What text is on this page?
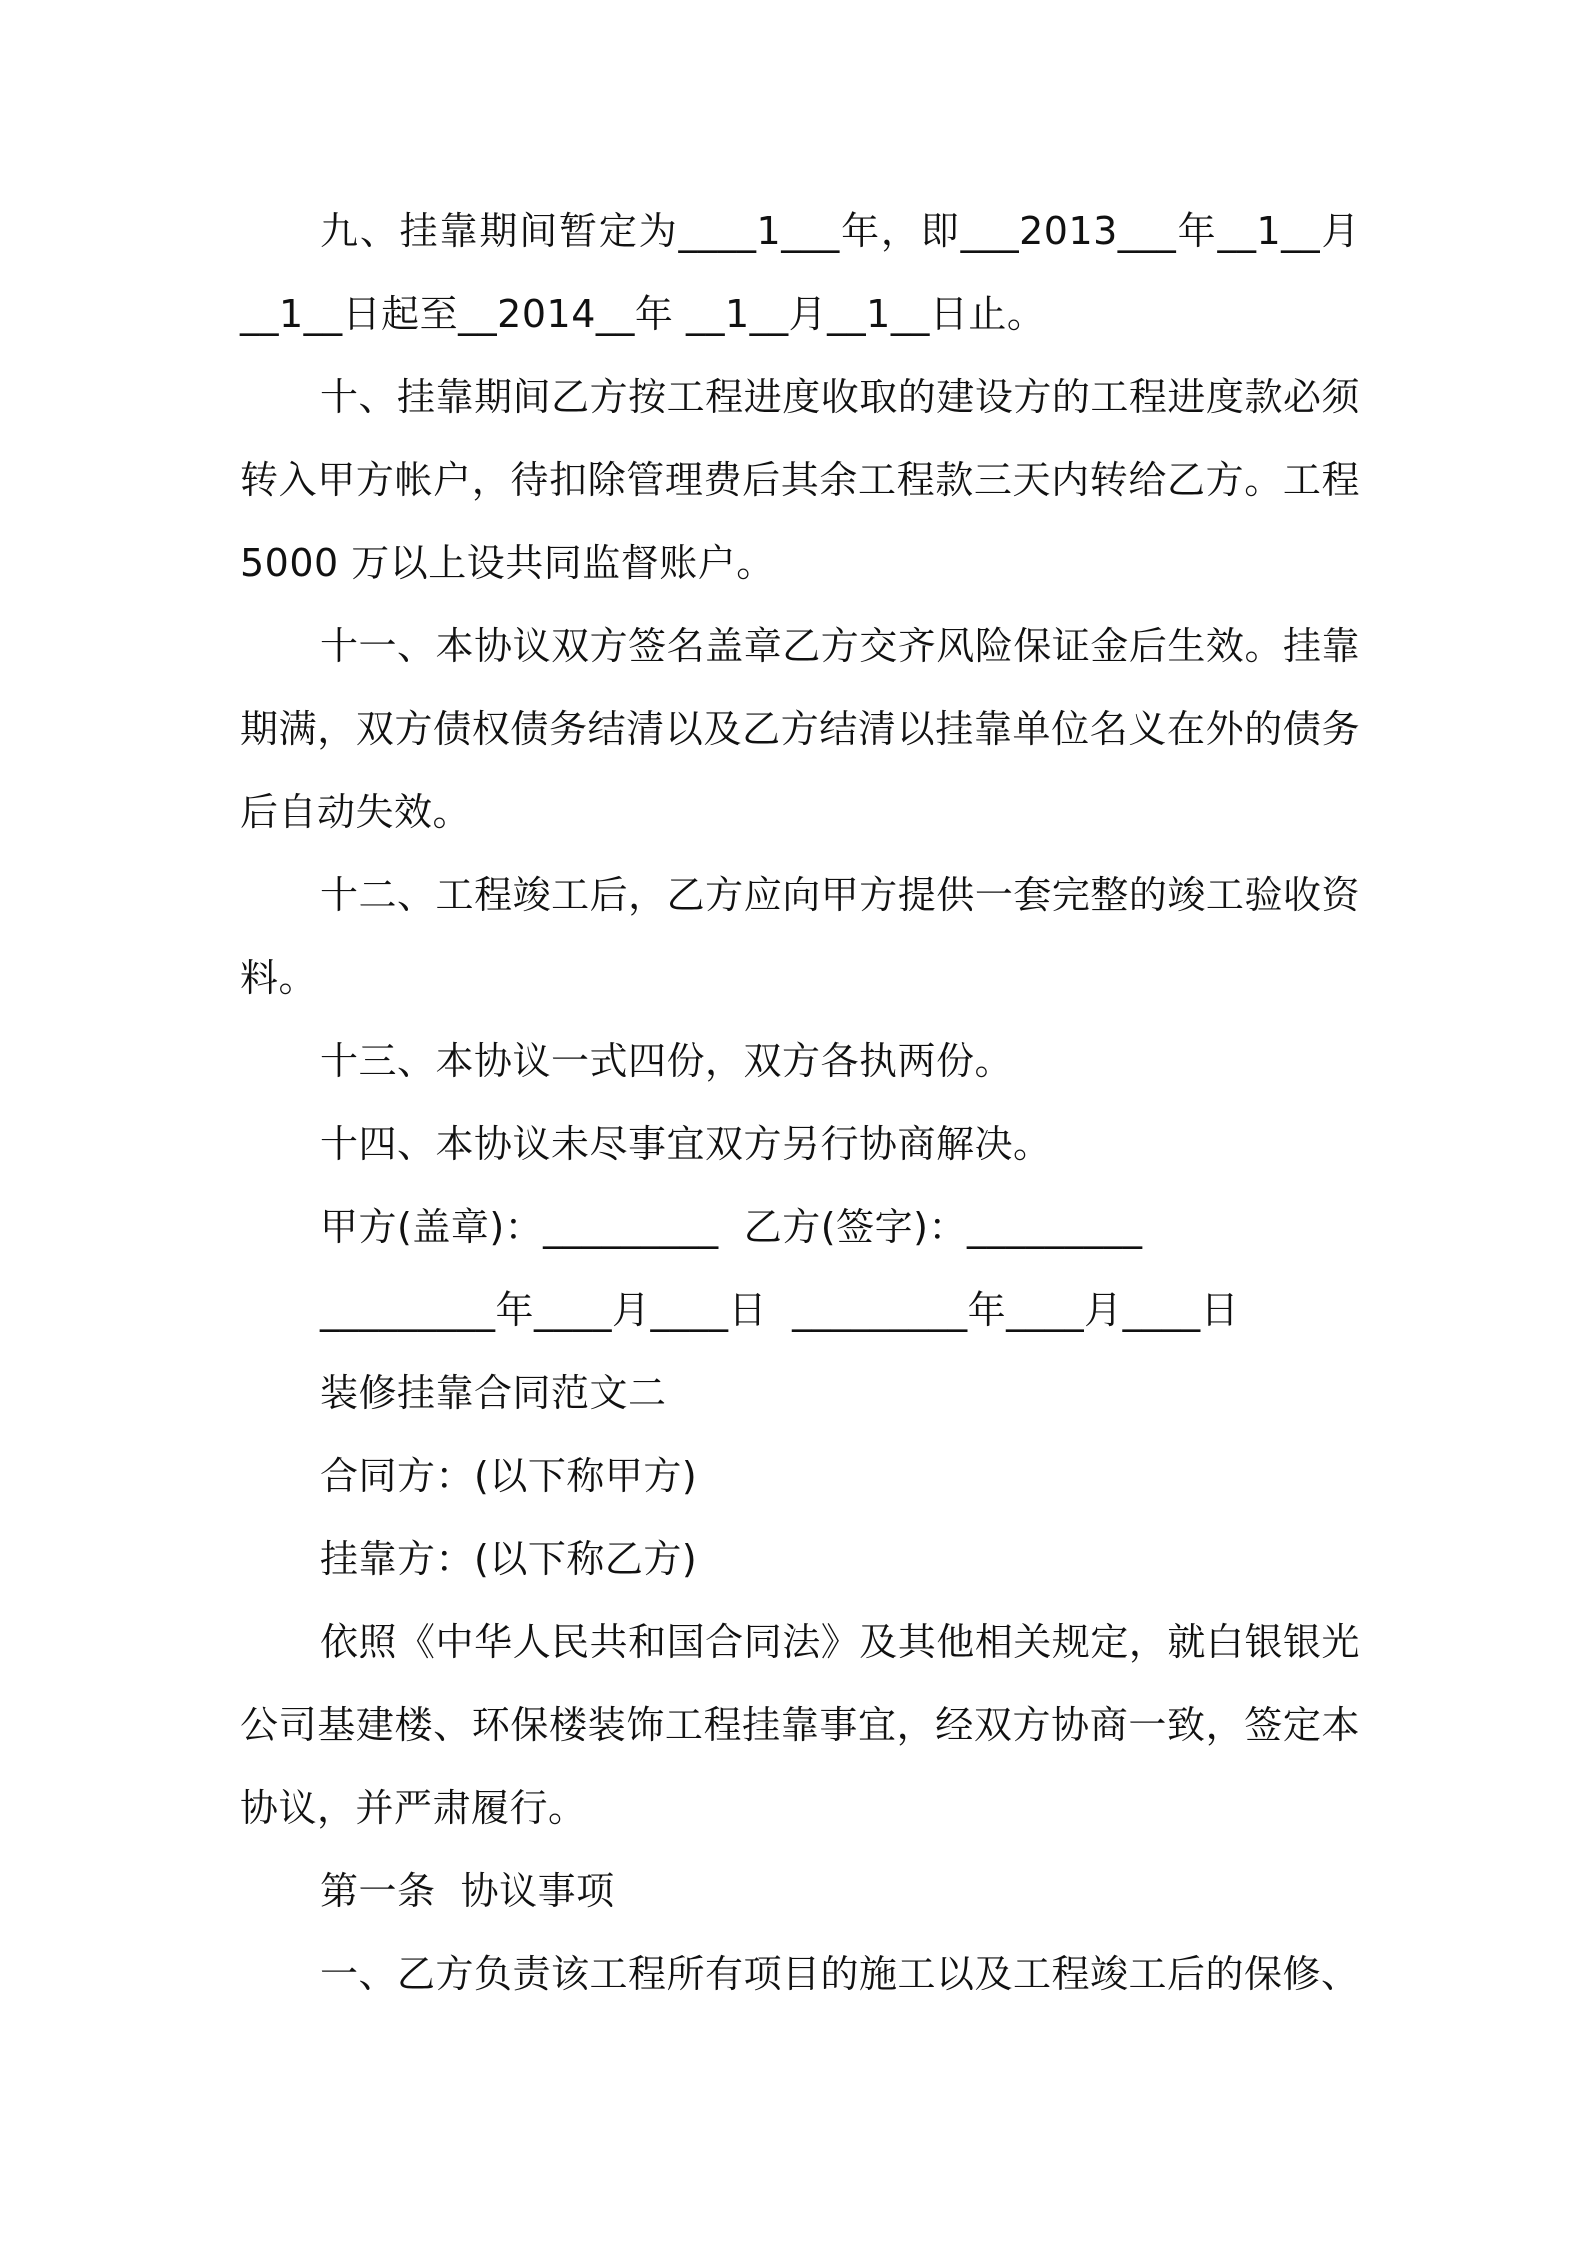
九、挂靠期间暂定为____1___年，即___2013___年__1__月__1__日起至__2014__年 __1__月__1__日止。

十、挂靠期间乙方按工程进度收取的建设方的工程进度款必须转入甲方帐户，待扣除管理费后其余工程款三天内转给乙方。工程 5000 万以上设共同监督账户。

十一、本协议双方签名盖章乙方交齐风险保证金后生效。挂靠期满，双方债权债务结清以及乙方结清以挂靠单位名义在外的债务后自动失效。

十二、工程竣工后，乙方应向甲方提供一套完整的竣工验收资料。

十三、本协议一式四份，双方各执两份。

十四、本协议未尽事宜双方另行协商解决。

甲方(盖章)：_________  乙方(签字)：_________

_________年____月____日  _________年____月____日

装修挂靠合同范文二

合同方：(以下称甲方)

挂靠方：(以下称乙方)

依照《中华人民共和国合同法》及其他相关规定，就白银银光公司基建楼、环保楼装饰工程挂靠事宜，经双方协商一致，签定本协议，并严肃履行。

第一条  协议事项

一、乙方负责该工程所有项目的施工以及工程竣工后的保修、
